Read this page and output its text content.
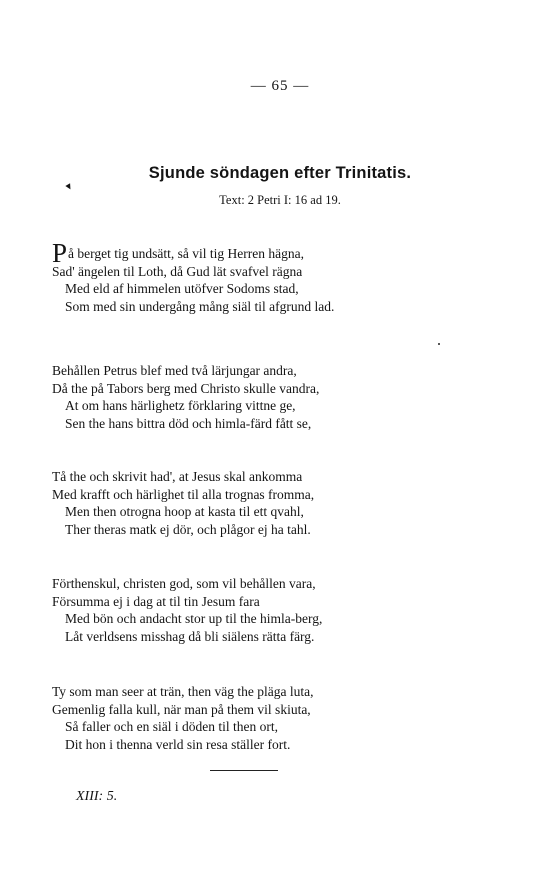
— 65 —
Sjunde söndagen efter Trinitatis.
▾
Text: 2 Petri I: 16 ad 19.
På berget tig undsätt, så vil tig Herren hägna,
Sad' ängelen til Loth, då Gud lät svafvel rägna
Med eld af himmelen utöfver Sodoms stad,
Som med sin undergång mång siäl til afgrund lad.
Behållen Petrus blef med två lärjungar andra,
Då the på Tabors berg med Christo skulle vandra,
At om hans härlighetz förklaring vittne ge,
Sen the hans bittra död och himla-färd fått se,
Tå the och skrivit had', at Jesus skal ankomma
Med krafft och härlighet til alla trognas fromma,
Men then otrogna hoop at kasta til ett qvahl,
Ther theras matk ej dör, och plågor ej ha tahl.
Förthenskul, christen god, som vil behållen vara,
Försumma ej i dag at til tin Jesum fara
Med bön och andacht stor up til the himla-berg,
Låt verldsens misshag då bli siälens rätta färg.
Ty som man seer at trän, then väg the pläga luta,
Gemenlig falla kull, när man på them vil skiuta,
Så faller och en siäl i döden til then ort,
Dit hon i thenna verld sin resa ställer fort.
XIII: 5.
